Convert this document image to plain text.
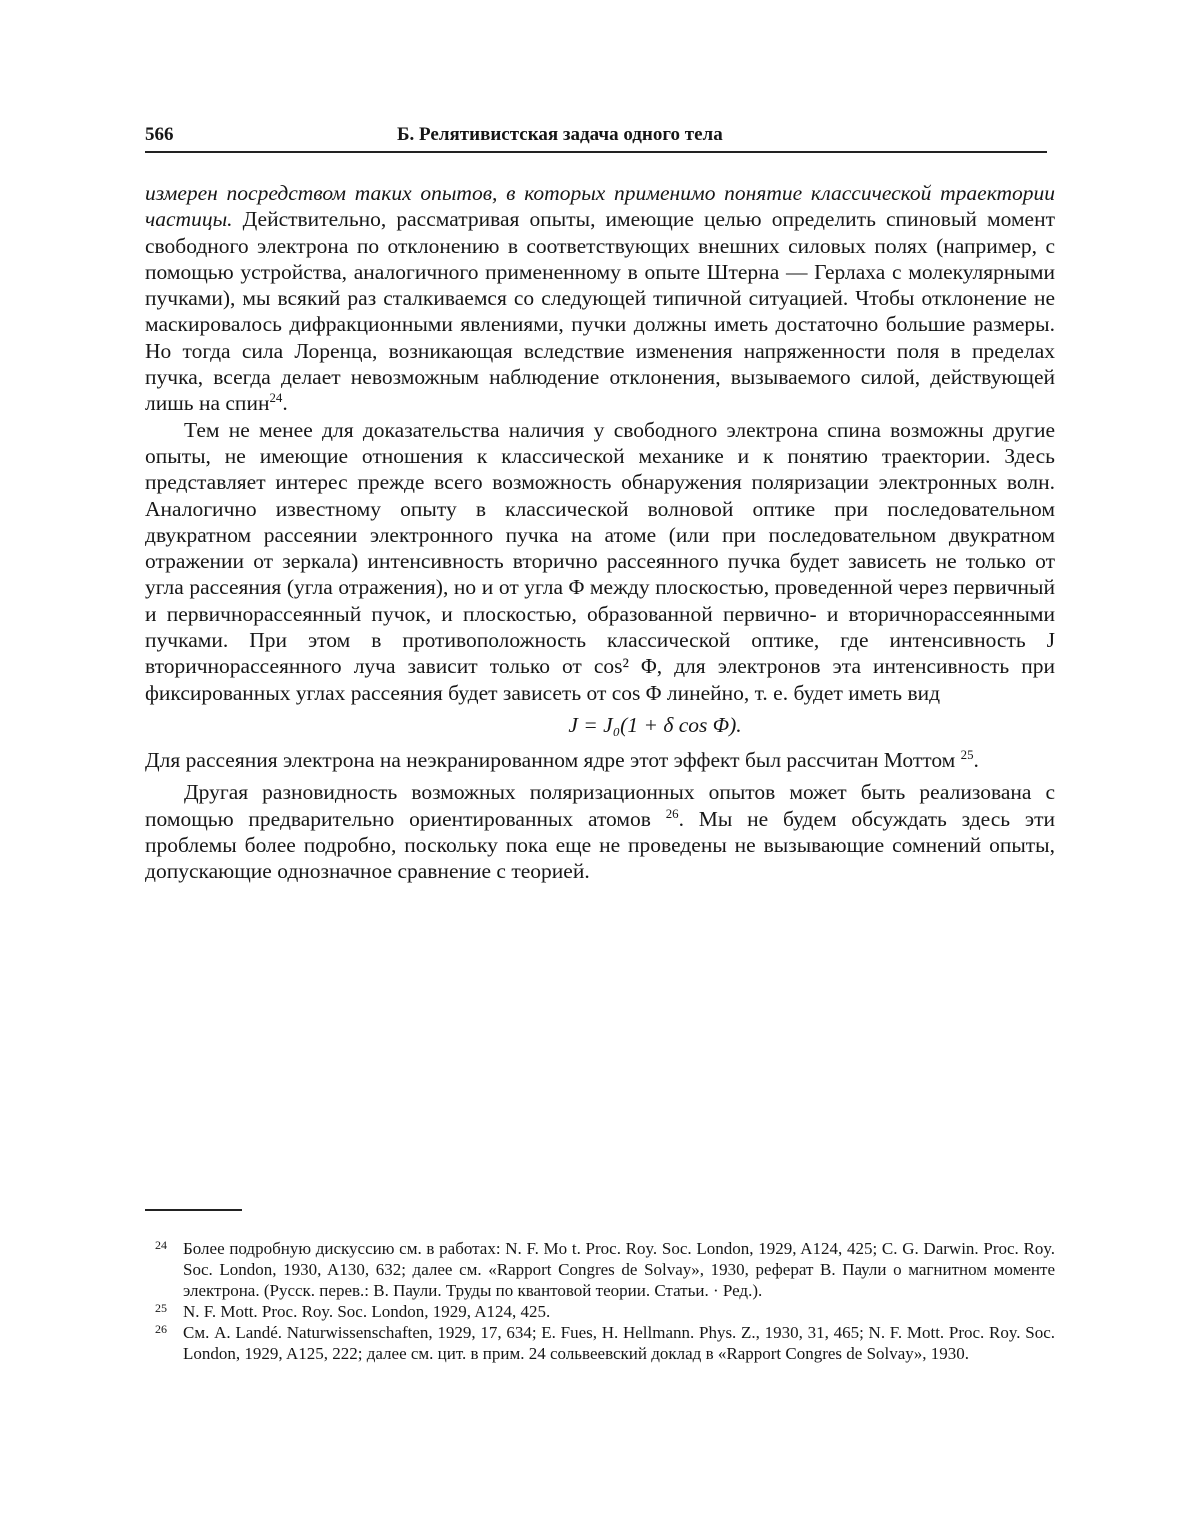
566	Б. Релятивистская задача одного тела

измерен посредством таких опытов, в которых применимо понятие классической траектории частицы. Действительно, рассматривая опыты, имеющие целью определить спиновый момент свободного электрона по отклонению в соответствующих внешних силовых полях (например, с помощью устройства, аналогичного примененному в опыте Штерна — Герлаха с молекулярными пучками), мы всякий раз сталкиваемся со следующей типичной ситуацией. Чтобы отклонение не маскировалось дифракционными явлениями, пучки должны иметь достаточно большие размеры. Но тогда сила Лоренца, возникающая вследствие изменения напряженности поля в пределах пучка, всегда делает невозможным наблюдение отклонения, вызываемого силой, действующей лишь на спин$^{24}$.

Тем не менее для доказательства наличия у свободного электрона спина возможны другие опыты, не имеющие отношения к классической механике и к понятию траектории. Здесь представляет интерес прежде всего возможность обнаружения поляризации электронных волн. Аналогично известному опыту в классической волновой оптике при последовательном двукратном рассеянии электронного пучка на атоме (или при последовательном двукратном отражении от зеркала) интенсивность вторично рассеянного пучка будет зависеть не только от угла рассеяния (угла отражения), но и от угла Φ между плоскостью, проведенной через первичный и первичнорассеянный пучок, и плоскостью, образованной первично- и вторичнорассеянными пучками. При этом в противоположность классической оптике, где интенсивность J вторичнорассеянного луча зависит только от cos² Φ, для электронов эта интенсивность при фиксированных углах рассеяния будет зависеть от cos Φ линейно, т. е. будет иметь вид

J = J₀(1 + δ cos Φ).

Для рассеяния электрона на неэкранированном ядре этот эффект был рассчитан Моттом $^{25}$.

Другая разновидность возможных поляризационных опытов может быть реализована с помощью предварительно ориентированных атомов $^{26}$. Мы не будем обсуждать здесь эти проблемы более подробно, поскольку пока еще не проведены не вызывающие сомнений опыты, допускающие однозначное сравнение с теорией.

24 Более подробную дискуссию см. в работах: N. F. Mo t. Proc. Roy. Soc. London, 1929, A124, 425; C. G. Darwin. Proc. Roy. Soc. London, 1930, A130, 632; далее см. «Rapport Congres de Solvay», 1930, реферат В. Паули о магнитном моменте электрона. (Русск. перев.: В. Паули. Труды по квантовой теории. Статьи. · Ред.).

25 N. F. Mott. Proc. Roy. Soc. London, 1929, A124, 425.

26 См. A. Landé. Naturwissenschaften, 1929, 17, 634; E. Fues, H. Hellmann. Phys. Z., 1930, 31, 465; N. F. Mott. Proc. Roy. Soc. London, 1929, A125, 222; далее см. цит. в прим. 24 сольвеевский доклад в «Rapport Congres de Solvay», 1930.
